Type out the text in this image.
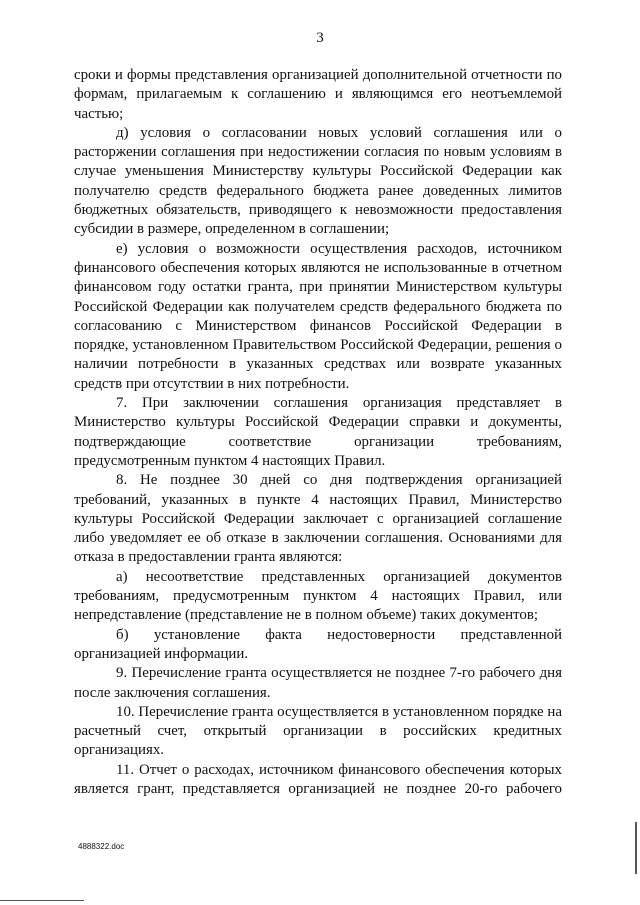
3

сроки и формы представления организацией дополнительной отчетности по формам, прилагаемым к соглашению и являющимся его неотъемлемой частью;

д) условия о согласовании новых условий соглашения или о расторжении соглашения при недостижении согласия по новым условиям в случае уменьшения Министерству культуры Российской Федерации как получателю средств федерального бюджета ранее доведенных лимитов бюджетных обязательств, приводящего к невозможности предоставления субсидии в размере, определенном в соглашении;

е) условия о возможности осуществления расходов, источником финансового обеспечения которых являются не использованные в отчетном финансовом году остатки гранта, при принятии Министерством культуры Российской Федерации как получателем средств федерального бюджета по согласованию с Министерством финансов Российской Федерации в порядке, установленном Правительством Российской Федерации, решения о наличии потребности в указанных средствах или возврате указанных средств при отсутствии в них потребности.

7. При заключении соглашения организация представляет в Министерство культуры Российской Федерации справки и документы, подтверждающие соответствие организации требованиям, предусмотренным пунктом 4 настоящих Правил.

8. Не позднее 30 дней со дня подтверждения организацией требований, указанных в пункте 4 настоящих Правил, Министерство культуры Российской Федерации заключает с организацией соглашение либо уведомляет ее об отказе в заключении соглашения. Основаниями для отказа в предоставлении гранта являются:

а) несоответствие представленных организацией документов требованиям, предусмотренным пунктом 4 настоящих Правил, или непредставление (представление не в полном объеме) таких документов;

б) установление факта недостоверности представленной организацией информации.

9. Перечисление гранта осуществляется не позднее 7-го рабочего дня после заключения соглашения.

10. Перечисление гранта осуществляется в установленном порядке на расчетный счет, открытый организации в российских кредитных организациях.

11. Отчет о расходах, источником финансового обеспечения которых является грант, представляется организацией не позднее 20-го рабочего

4888322.doc
